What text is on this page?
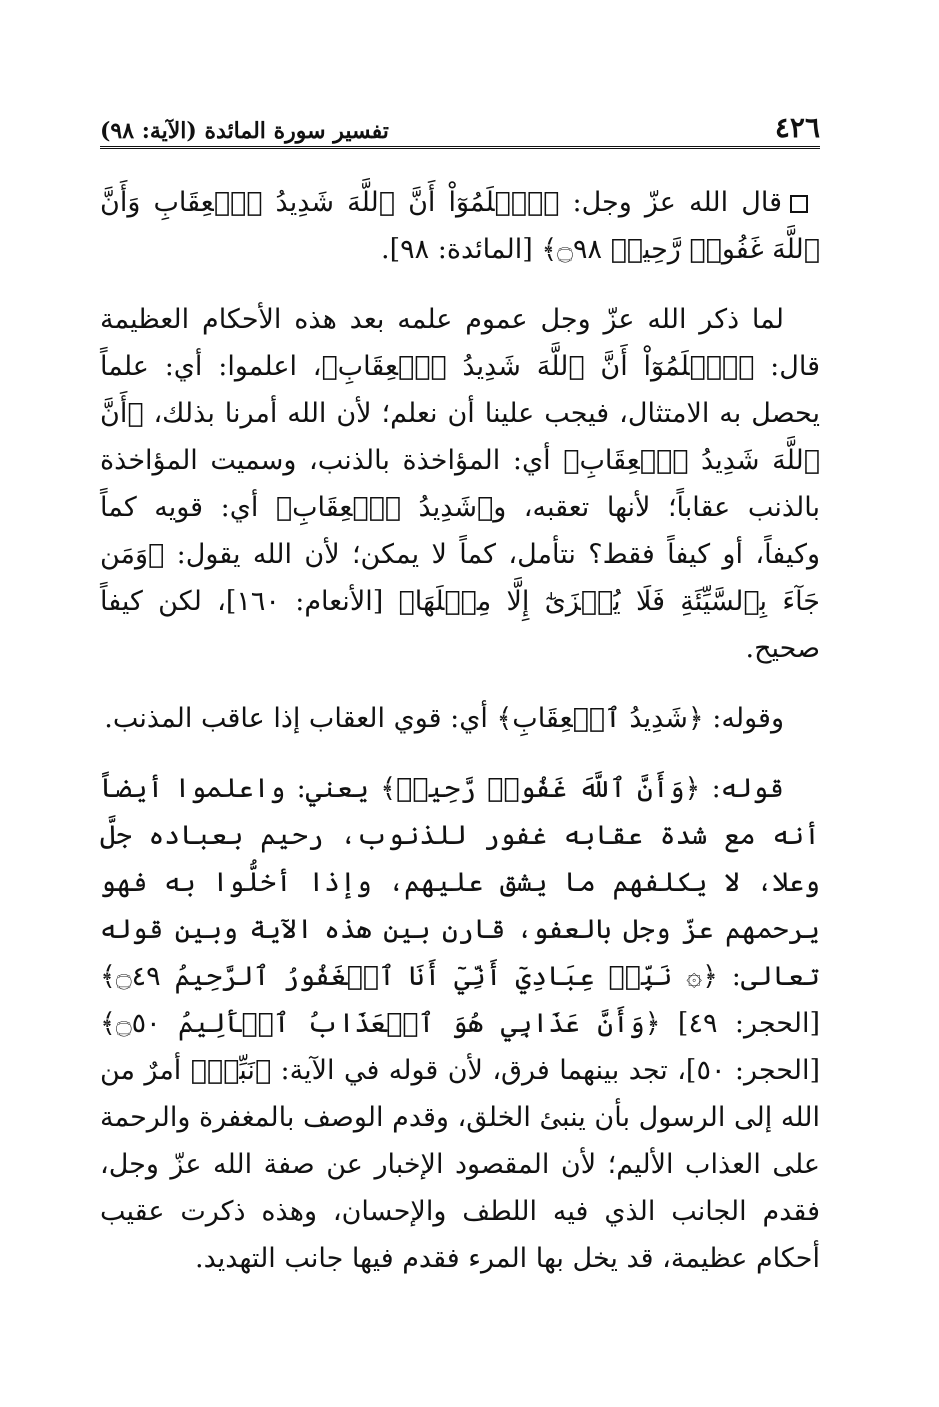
٤٢٦
تفسير سورة المائدة (الآية: ٩٨)

قال الله عزّ وجل: ﴿ٱعۡلَمُوٓاْ أَنَّ ٱللَّهَ شَدِيدُ ٱلۡعِقَابِ وَأَنَّ ٱللَّهَ غَفُورٞ رَّحِيمٞ ۝٩٨﴾ [المائدة: ٩٨].

لما ذكر الله عزّ وجل عموم علمه بعد هذه الأحكام العظيمة قال: ﴿ٱعۡلَمُوٓاْ أَنَّ ٱللَّهَ شَدِيدُ ٱلۡعِقَابِ﴾، اعلموا: أي: علماً يحصل به الامتثال، فيجب علينا أن نعلم؛ لأن الله أمرنا بذلك، ﴿أَنَّ ٱللَّهَ شَدِيدُ ٱلۡعِقَابِ﴾ أي: المؤاخذة بالذنب، وسميت المؤاخذة بالذنب عقاباً؛ لأنها تعقبه، و﴿شَدِيدُ ٱلۡعِقَابِ﴾ أي: قويه كماً وكيفاً، أو كيفاً فقط؟ نتأمل، كماً لا يمكن؛ لأن الله يقول: ﴿وَمَن جَآءَ بِٱلسَّيِّئَةِ فَلَا يُجۡزَىٰٓ إِلَّا مِثۡلَهَا﴾ [الأنعام: ١٦٠]، لكن كيفاً صحيح.

وقوله: ﴿شَدِيدُ ٱلۡعِقَابِ﴾ أي: قوي العقاب إذا عاقب المذنب.

قوله: ﴿وَأَنَّ ٱللَّهَ غَفُورٞ رَّحِيمٞ﴾ يعني: واعلموا أيضاً أنه مع شدة عقابه غفور للذنوب، رحيم بعباده جلَّ وعلا، لا يكلفهم ما يشق عليهم، وإذا أخلُّوا به فهو يرحمهم عزّ وجل بالعفو، قارن بين هذه الآية وبين قوله تعالى: ﴿۞ نَبِّئۡ عِبَادِيٓ أَنِّيٓ أَنَا ٱلۡغَفُورُ ٱلرَّحِيمُ ۝٤٩﴾ [الحجر: ٤٩] ﴿وَأَنَّ عَذَابِي هُوَ ٱلۡعَذَابُ ٱلۡأَلِيمُ ۝٥٠﴾ [الحجر: ٥٠]، تجد بينهما فرق، لأن قوله في الآية: ﴿نَبِّئۡ﴾ أمرٌ من الله إلى الرسول بأن ينبئ الخلق، وقدم الوصف بالمغفرة والرحمة على العذاب الأليم؛ لأن المقصود الإخبار عن صفة الله عزّ وجل، فقدم الجانب الذي فيه اللطف والإحسان، وهذه ذكرت عقيب أحكام عظيمة، قد يخل بها المرء فقدم فيها جانب التهديد.
